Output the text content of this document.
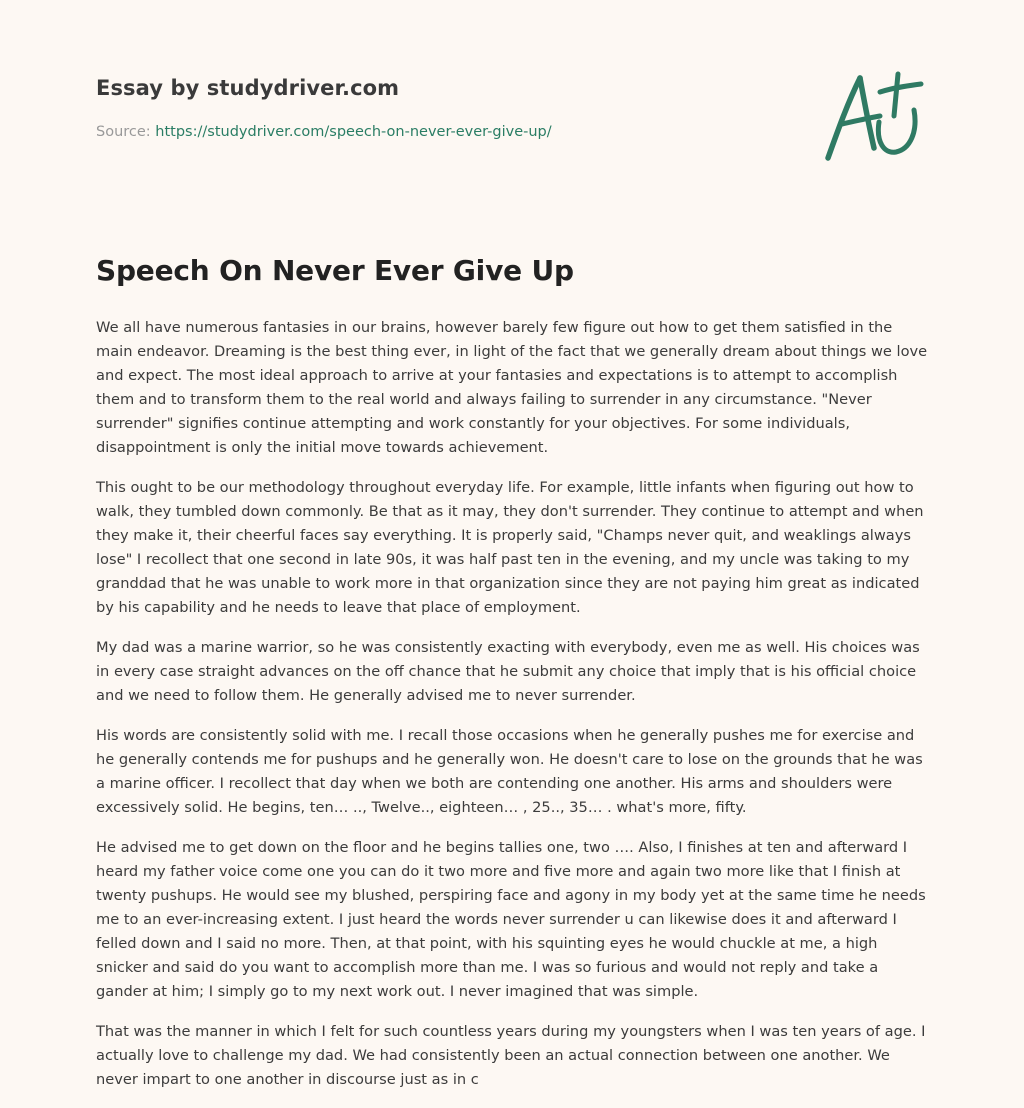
Essay by studydriver.com
Source: https://studydriver.com/speech-on-never-ever-give-up/
Speech On Never Ever Give Up

We all have numerous fantasies in our brains, however barely few figure out how to get them satisfied in the main endeavor. Dreaming is the best thing ever, in light of the fact that we generally dream about things we love and expect. The most ideal approach to arrive at your fantasies and expectations is to attempt to accomplish them and to transform them to the real world and always failing to surrender in any circumstance. "Never surrender" signifies continue attempting and work constantly for your objectives. For some individuals, disappointment is only the initial move towards achievement.

This ought to be our methodology throughout everyday life. For example, little infants when figuring out how to walk, they tumbled down commonly. Be that as it may, they don't surrender. They continue to attempt and when they make it, their cheerful faces say everything. It is properly said, "Champs never quit, and weaklings always lose" I recollect that one second in late 90s, it was half past ten in the evening, and my uncle was taking to my granddad that he was unable to work more in that organization since they are not paying him great as indicated by his capability and he needs to leave that place of employment.

My dad was a marine warrior, so he was consistently exacting with everybody, even me as well. His choices was in every case straight advances on the off chance that he submit any choice that imply that is his official choice and we need to follow them. He generally advised me to never surrender.

His words are consistently solid with me. I recall those occasions when he generally pushes me for exercise and he generally contends me for pushups and he generally won. He doesn't care to lose on the grounds that he was a marine officer. I recollect that day when we both are contending one another. His arms and shoulders were excessively solid. He begins, ten… .., Twelve.., eighteen… , 25.., 35… . what's more, fifty.

He advised me to get down on the floor and he begins tallies one, two …. Also, I finishes at ten and afterward I heard my father voice come one you can do it two more and five more and again two more like that I finish at twenty pushups. He would see my blushed, perspiring face and agony in my body yet at the same time he needs me to an ever-increasing extent. I just heard the words never surrender u can likewise does it and afterward I felled down and I said no more. Then, at that point, with his squinting eyes he would chuckle at me, a high snicker and said do you want to accomplish more than me. I was so furious and would not reply and take a gander at him; I simply go to my next work out. I never imagined that was simple.

That was the manner in which I felt for such countless years during my youngsters when I was ten years of age. I actually love to challenge my dad. We had consistently been an actual connection between one another. We never impart to one another in discourse just as in c
